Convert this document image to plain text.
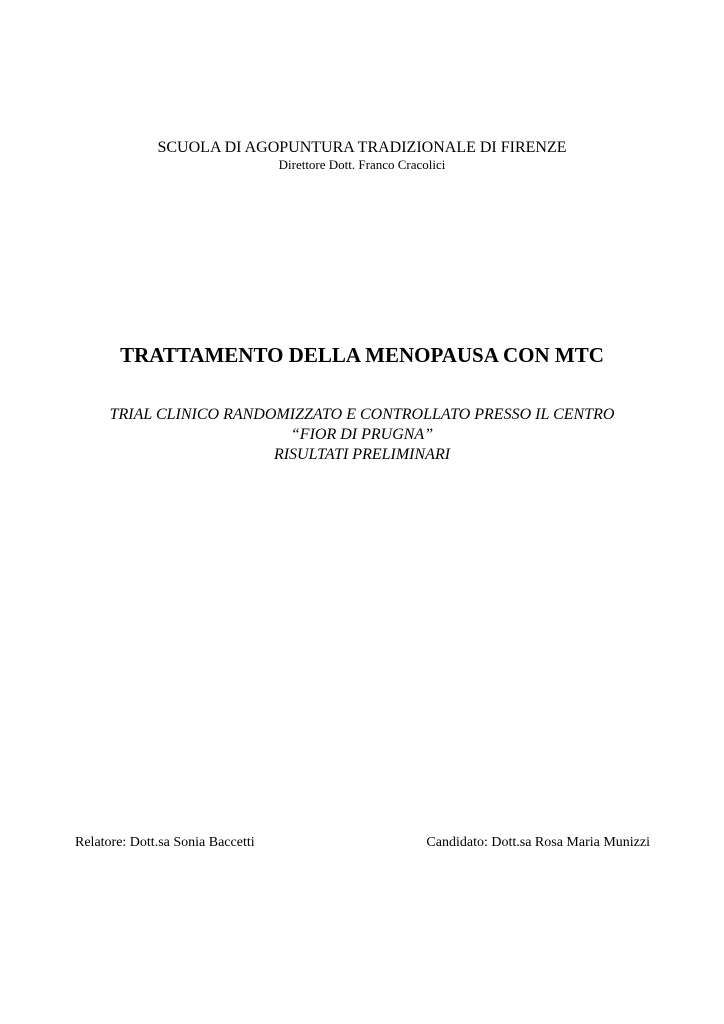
SCUOLA DI AGOPUNTURA TRADIZIONALE DI FIRENZE
Direttore Dott. Franco Cracolici
TRATTAMENTO DELLA MENOPAUSA CON MTC
TRIAL CLINICO RANDOMIZZATO E CONTROLLATO PRESSO IL CENTRO
“FIOR DI PRUGNA”
RISULTATI PRELIMINARI
Relatore: Dott.sa Sonia Baccetti	Candidato: Dott.sa Rosa Maria Munizzi
